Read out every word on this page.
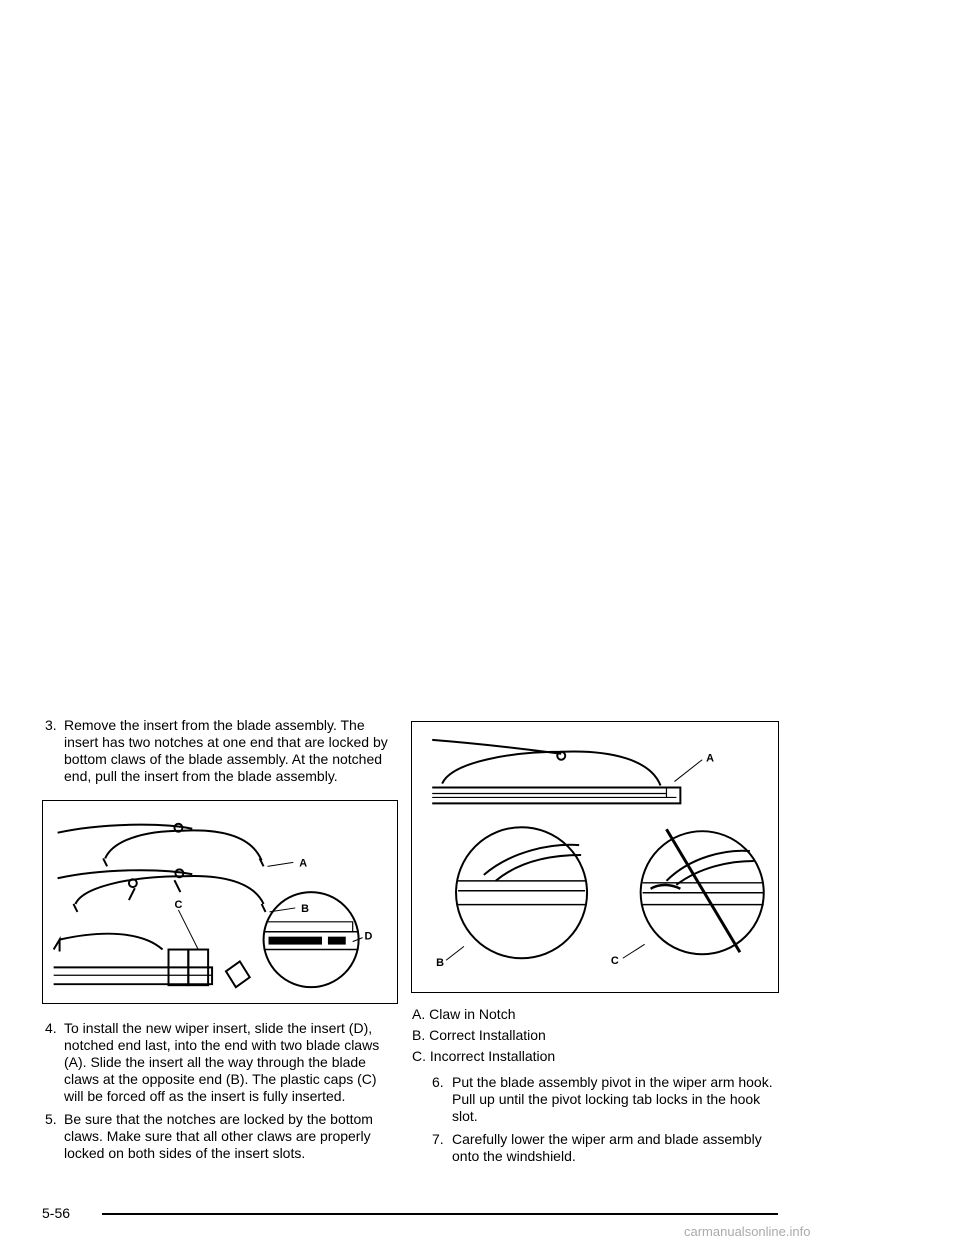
3. Remove the insert from the blade assembly. The insert has two notches at one end that are locked by bottom claws of the blade assembly. At the notched end, pull the insert from the blade assembly.

A
B
C
D

4. To install the new wiper insert, slide the insert (D), notched end last, into the end with two blade claws (A). Slide the insert all the way through the blade claws at the opposite end (B). The plastic caps (C) will be forced off as the insert is fully inserted.

5. Be sure that the notches are locked by the bottom claws. Make sure that all other claws are properly locked on both sides of the insert slots.

A
B	C
A. Claw in Notch
B. Correct Installation
C. Incorrect Installation

6. Put the blade assembly pivot in the wiper arm hook. Pull up until the pivot locking tab locks in the hook slot.

7. Carefully lower the wiper arm and blade assembly onto the windshield.

5-56
carmanualsonline.info
